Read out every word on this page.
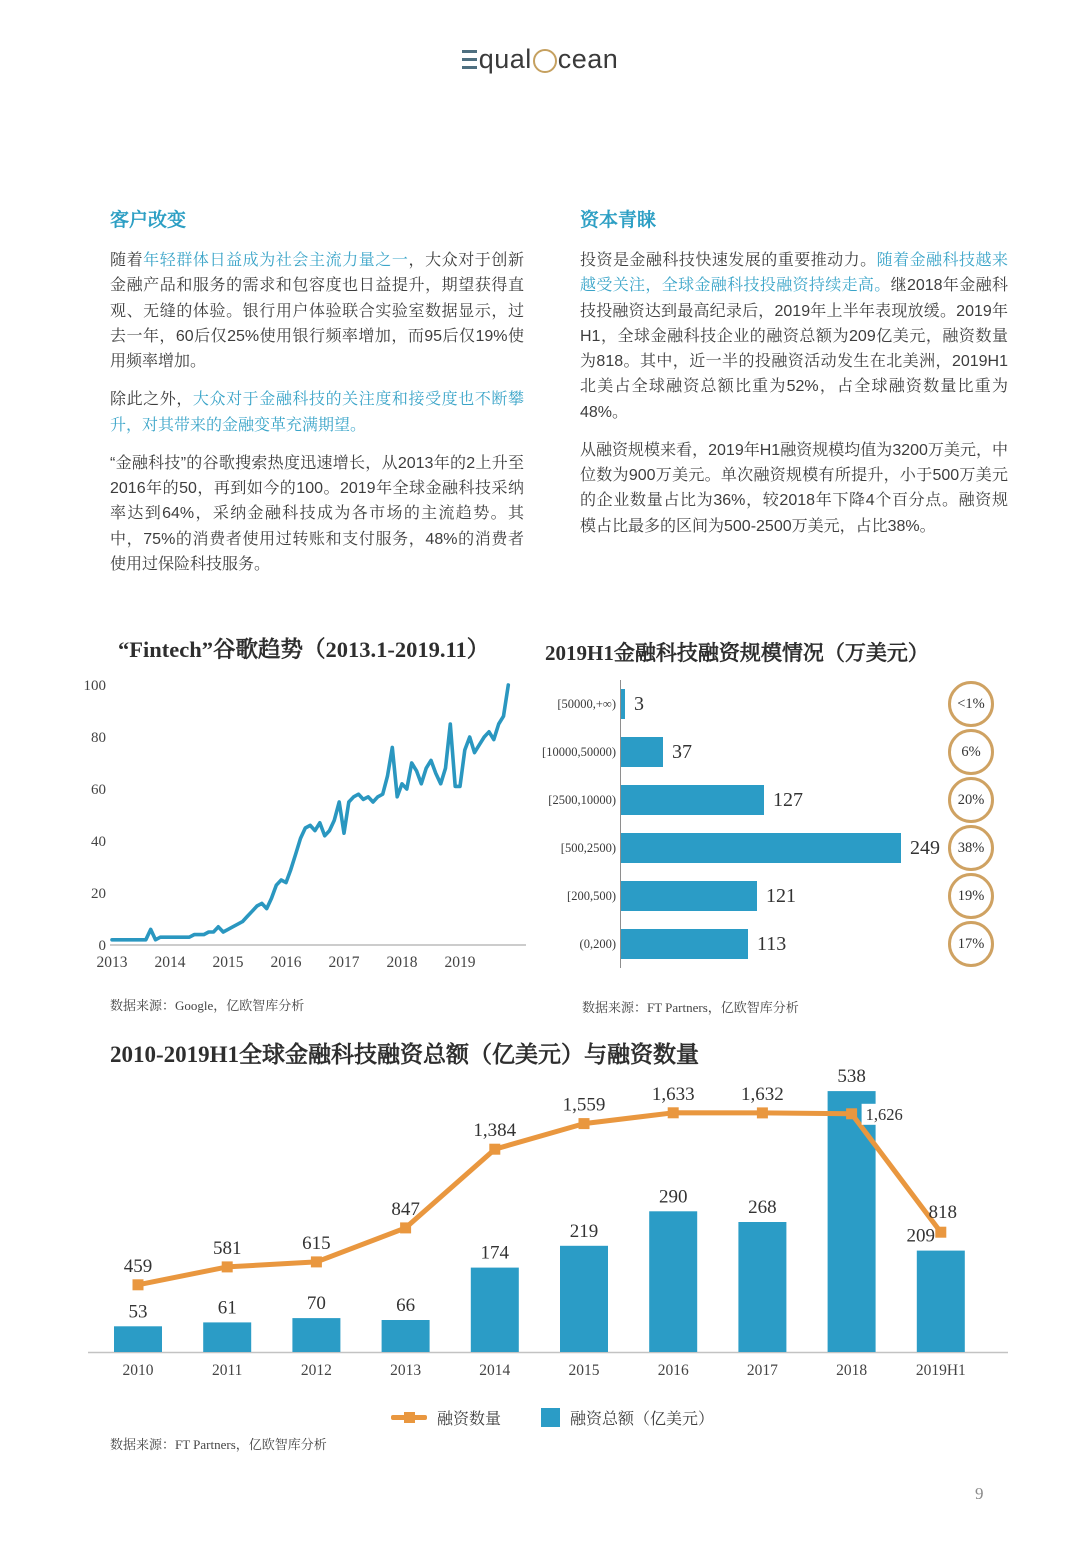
qual cean
客户改变

随着年轻群体日益成为社会主流力量之一，大众对于创新金融产品和服务的需求和包容度也日益提升，期望获得直观、无缝的体验。银行用户体验联合实验室数据显示，过去一年，60后仅25%使用银行频率增加，而95后仅19%使用频率增加。

除此之外，大众对于金融科技的关注度和接受度也不断攀升，对其带来的金融变革充满期望。

“金融科技”的谷歌搜索热度迅速增长，从2013年的2上升至2016年的50，再到如今的100。2019年全球金融科技采纳率达到64%，采纳金融科技成为各市场的主流趋势。其中，75%的消费者使用过转账和支付服务，48%的消费者使用过保险科技服务。

资本青睐

投资是金融科技快速发展的重要推动力。随着金融科技越来越受关注，全球金融科技投融资持续走高。继2018年金融科技投融资达到最高纪录后，2019年上半年表现放缓。2019年H1，全球金融科技企业的融资总额为209亿美元，融资数量为818。其中，近一半的投融资活动发生在北美洲，2019H1北美占全球融资总额比重为52%，占全球融资数量比重为48%。

从融资规模来看，2019年H1融资规模均值为3200万美元，中位数为900万美元。单次融资规模有所提升，小于500万美元的企业数量占比为36%，较2018年下降4个百分点。融资规模占比最多的区间为500-2500万美元，占比38%。

“Fintech”谷歌趋势（2013.1-2019.11）
0
20
40
60
80
100
2013 2014 2015 2016 2017 2018 2019
数据来源：Google，亿欧智库分析
2019H1金融科技融资规模情况（万美元）
[50000,+∞) 3	<1%
[10000,50000)	37	6%
[2500,10000)	127	20%
[500,2500)	249	38%
[200,500)	121	19%
(0,200)	113	17%
数据来源：FT Partners，亿欧智库分析
2010-2019H1全球金融科技融资总额（亿美元）与融资数量
53
2010
61
2011
70
2012
66
2013
174
2014
219
2015
290
2016
268
2017
538
2018
209
2019H1
459
581	615
847
1,384
1,559
1,633 1,632
1,626
818
融资数量	融资总额（亿美元）
数据来源：FT Partners，亿欧智库分析
9
